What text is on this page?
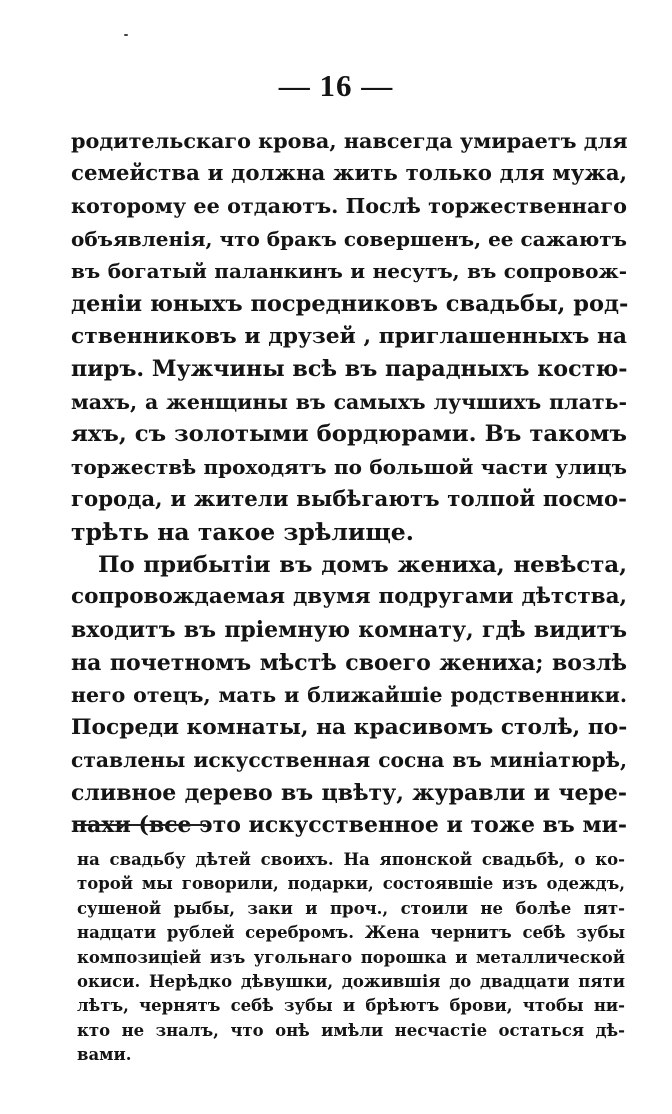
— 16 —
родительскаго крова, навсегда умираетъ для
семейства и должна жить только для мужа,
которому ее отдаютъ. Послѣ торжественнаго
объявленія, что бракъ совершенъ, ее сажаютъ
въ богатый паланкинъ и несутъ, въ сопровож-
деніи юныхъ посредниковъ свадьбы, род-
ственниковъ и друзей , приглашенныхъ на
пиръ. Мужчины всѣ въ парадныхъ костю-
махъ, а женщины въ самыхъ лучшихъ плать-
яхъ, съ золотыми бордюрами. Въ такомъ
торжествѣ проходятъ по большой части улицъ
города, и жители выбѣгаютъ толпой посмо-
трѣть на такое зрѣлище.
По прибытіи въ домъ жениха, невѣста,
сопровождаемая двумя подругами дѣтства,
входитъ въ пріемную комнату, гдѣ видитъ
на почетномъ мѣстѣ своего жениха; возлѣ
него отецъ, мать и ближайшіе родственники.
Посреди комнаты, на красивомъ столѣ, по-
ставлены искусственная сосна въ миніатюрѣ,
сливное дерево въ цвѣту, журавли и чере-
пахи (все это искусственное и тоже въ ми-
на свадьбу дѣтей своихъ. На японской свадьбѣ, о ко-
торой мы говорили, подарки, состоявшіе изъ одеждъ,
сушеной рыбы, заки и проч., стоили не болѣе пят-
надцати рублей серебромъ. Жена чернитъ себѣ зубы
композиціей изъ угольнаго порошка и металлической
окиси. Нерѣдко дѣвушки, дожившія до двадцати пяти
лѣтъ, чернятъ себѣ зубы и брѣютъ брови, чтобы ни-
кто не зналъ, что онѣ имѣли несчастіе остаться дѣ-
вами.
